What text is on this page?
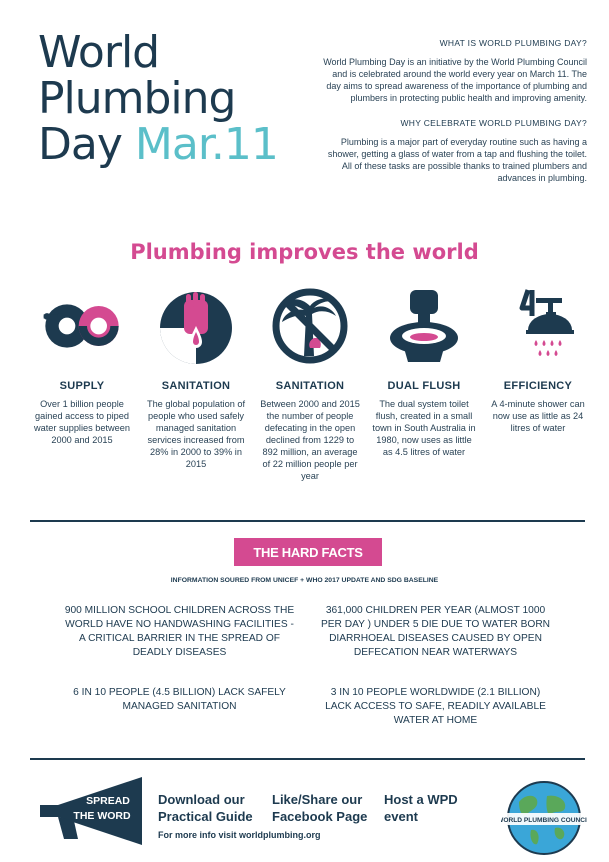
World
Plumbing
Day Mar.11
WHAT IS WORLD PLUMBING DAY?

World Plumbing Day is an initiative by the World Plumbing Council and is celebrated around the world every year on March 11. The day aims to spread awareness of the importance of plumbing and plumbers in protecting public health and improving amenity.

WHY CELEBRATE WORLD PLUMBING DAY?

Plumbing is a major part of everyday routine such as having a shower, getting a glass of water from a tap and flushing the toilet. All of these tasks are possible thanks to trained plumbers and advances in plumbing.

Plumbing improves the world
SUPPLY

Over 1 billion people gained access to piped water supplies between 2000 and 2015

SANITATION

The global population of people who used safely managed sanitation services increased from 28% in 2000 to 39% in 2015

SANITATION

Between 2000 and 2015 the number of people defecating in the open declined from 1229 to 892 million, an average of 22 million people per year

DUAL FLUSH

The dual system toilet flush, created in a small town in South Australia in 1980, now uses as little as 4.5 litres of water

EFFICIENCY

A 4-minute shower can now use as little as 24 litres of water

THE HARD FACTS
INFORMATION SOURED FROM UNICEF + WHO 2017 UPDATE AND SDG BASELINE
900 MILLION SCHOOL CHILDREN ACROSS THE WORLD HAVE NO HANDWASHING FACILITIES - A CRITICAL BARRIER IN THE SPREAD OF DEADLY DISEASES
361,000 CHILDREN PER YEAR (ALMOST 1000 PER DAY ) UNDER 5 DIE DUE TO WATER BORN DIARRHOEAL DISEASES CAUSED BY OPEN DEFECATION NEAR WATERWAYS
6 IN 10 PEOPLE (4.5 BILLION) LACK SAFELY MANAGED SANITATION
3 IN 10 PEOPLE WORLDWIDE (2.1 BILLION) LACK ACCESS TO SAFE, READILY AVAILABLE WATER AT HOME
SPREAD
THE WORD
Download our Practical Guide
Like/Share our Facebook Page
Host a WPD event
For more info visit worldplumbing.org
WORLD PLUMBING COUNCIL
